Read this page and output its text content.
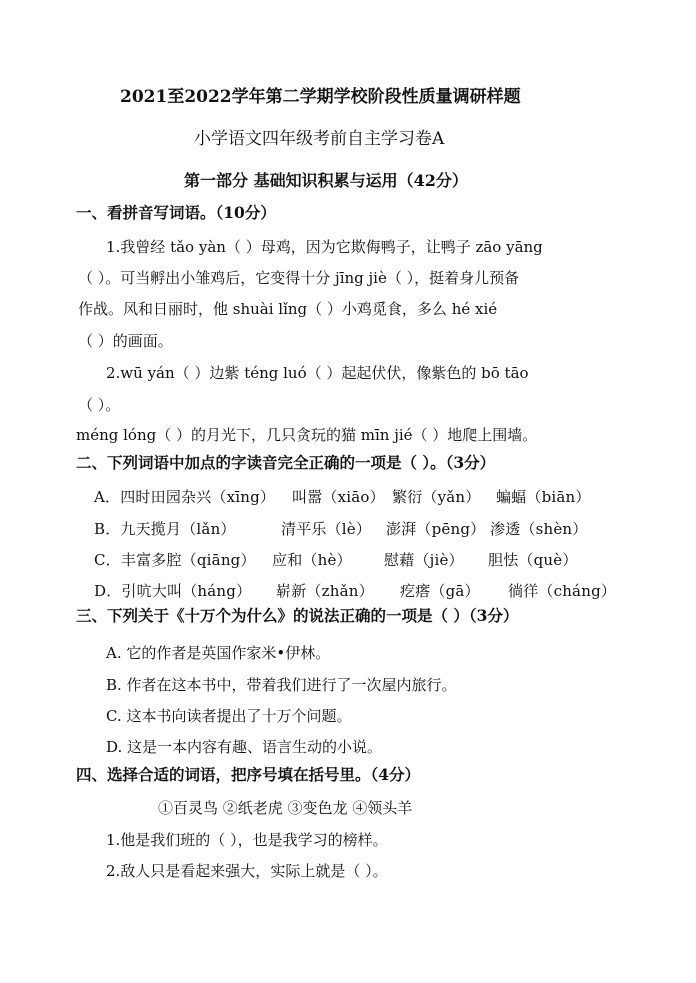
2021至2022学年第二学期学校阶段性质量调研样题
小学语文四年级考前自主学习卷A
第一部分 基础知识积累与运用（42分）
一、看拼音写词语。（10分）
1.我曾经 tǎo yàn（ ）母鸡，因为它欺侮鸭子，让鸭子 zāo yāng
（ ）。可当孵出小雏鸡后，它变得十分 jīng jiè（ ），挺着身儿预备
作战。风和日丽时，他 shuài lǐng（ ）小鸡觅食，多么 hé xié
（ ）的画面。
2.wū yán（ ）边紫 téng luó（ ）起起伏伏，像紫色的 bō tāo
（ ）。
méng lóng（ ）的月光下，几只贪玩的猫 mīn jié（ ）地爬上围墙。
二、下列词语中加点的字读音完全正确的一项是（ ）。（3分）
A．四时田园杂兴（xīng） 叫嚣（xiāo） 繁衍（yǎn） 蝙蝠（biān）
B．九天揽月（lǎn）	清平乐（lè） 澎湃（pēng） 渗透（shèn）
C．丰富多腔（qiāng） 应和（hè） 慰藉（jiè） 胆怯（què）
D．引吭大叫（háng） 崭新（zhǎn） 疙瘩（gā） 徜徉（cháng）
三、下列关于《十万个为什么》的说法正确的一项是（ ）（3分）
A. 它的作者是英国作家米•伊林。
B. 作者在这本书中，带着我们进行了一次屋内旅行。
C. 这本书向读者提出了十万个问题。
D. 这是一本内容有趣、语言生动的小说。
四、选择合适的词语，把序号填在括号里。（4分）
①百灵鸟 ②纸老虎 ③变色龙 ④领头羊
1.他是我们班的（ ），也是我学习的榜样。
2.敌人只是看起来强大，实际上就是（ ）。
